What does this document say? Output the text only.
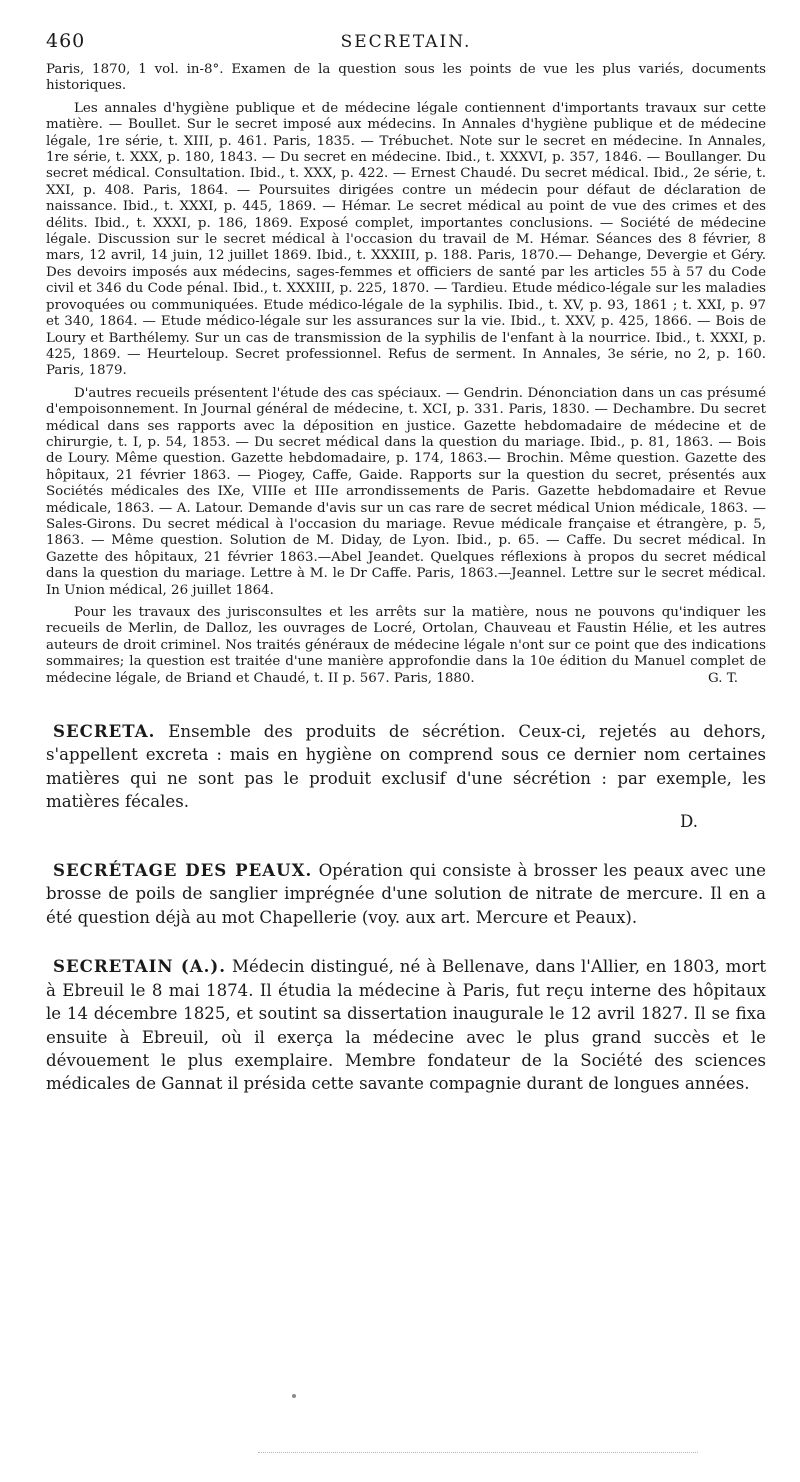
460	SECRETAIN.

Paris, 1870, 1 vol. in-8°. Examen de la question sous les points de vue les plus variés, documents historiques.

Les annales d'hygiène publique et de médecine légale contiennent d'importants travaux sur cette matière. — Boullet. Sur le secret imposé aux médecins. In Annales d'hygiène publique et de médecine légale, 1re série, t. XIII, p. 461. Paris, 1835. — Trébuchet. Note sur le secret en médecine. In Annales, 1re série, t. XXX, p. 180, 1843. — Du secret en médecine. Ibid., t. XXXVI, p. 357, 1846. — Boullanger. Du secret médical. Consultation. Ibid., t. XXX, p. 422. — Ernest Chaudé. Du secret médical. Ibid., 2e série, t. XXI, p. 408. Paris, 1864. — Poursuites dirigées contre un médecin pour défaut de déclaration de naissance. Ibid., t. XXXI, p. 445, 1869. — Hémar. Le secret médical au point de vue des crimes et des délits. Ibid., t. XXXI, p. 186, 1869. Exposé complet, importantes conclusions. — Société de médecine légale. Discussion sur le secret médical à l'occasion du travail de M. Hémar. Séances des 8 février, 8 mars, 12 avril, 14 juin, 12 juillet 1869. Ibid., t. XXXIII, p. 188. Paris, 1870.— Dehange, Devergie et Géry. Des devoirs imposés aux médecins, sages-femmes et officiers de santé par les articles 55 à 57 du Code civil et 346 du Code pénal. Ibid., t. XXXIII, p. 225, 1870. — Tardieu. Etude médico-légale sur les maladies provoquées ou communiquées. Etude médico-légale de la syphilis. Ibid., t. XV, p. 93, 1861 ; t. XXI, p. 97 et 340, 1864. — Etude médico-légale sur les assurances sur la vie. Ibid., t. XXV, p. 425, 1866. — Bois de Loury et Barthélemy. Sur un cas de transmission de la syphilis de l'enfant à la nourrice. Ibid., t. XXXI, p. 425, 1869. — Heurteloup. Secret professionnel. Refus de serment. In Annales, 3e série, no 2, p. 160. Paris, 1879.

D'autres recueils présentent l'étude des cas spéciaux. — Gendrin. Dénonciation dans un cas présumé d'empoisonnement. In Journal général de médecine, t. XCI, p. 331. Paris, 1830. — Dechambre. Du secret médical dans ses rapports avec la déposition en justice. Gazette hebdomadaire de médecine et de chirurgie, t. I, p. 54, 1853. — Du secret médical dans la question du mariage. Ibid., p. 81, 1863. — Bois de Loury. Même question. Gazette hebdomadaire, p. 174, 1863.— Brochin. Même question. Gazette des hôpitaux, 21 février 1863. — Piogey, Caffe, Gaide. Rapports sur la question du secret, présentés aux Sociétés médicales des IXe, VIIIe et IIIe arrondissements de Paris. Gazette hebdomadaire et Revue médicale, 1863. — A. Latour. Demande d'avis sur un cas rare de secret médical Union médicale, 1863. — Sales-Girons. Du secret médical à l'occasion du mariage. Revue médicale française et étrangère, p. 5, 1863. — Même question. Solution de M. Diday, de Lyon. Ibid., p. 65. — Caffe. Du secret médical. In Gazette des hôpitaux, 21 février 1863.—Abel Jeandet. Quelques réflexions à propos du secret médical dans la question du mariage. Lettre à M. le Dr Caffe. Paris, 1863.—Jeannel. Lettre sur le secret médical. In Union médical, 26 juillet 1864.

Pour les travaux des jurisconsultes et les arrêts sur la matière, nous ne pouvons qu'indiquer les recueils de Merlin, de Dalloz, les ouvrages de Locré, Ortolan, Chauveau et Faustin Hélie, et les autres auteurs de droit criminel. Nos traités généraux de médecine légale n'ont sur ce point que des indications sommaires; la question est traitée d'une manière approfondie dans la 10e édition du Manuel complet de médecine légale, de Briand et Chaudé, t. II p. 567. Paris, 1880.	G. T.
SECRETA. Ensemble des produits de sécrétion. Ceux-ci, rejetés au dehors, s'appellent excreta : mais en hygiène on comprend sous ce dernier nom certaines matières qui ne sont pas le produit exclusif d'une sécrétion : par exemple, les matières fécales.
D.
SECRÉTAGE DES PEAUX. Opération qui consiste à brosser les peaux avec une brosse de poils de sanglier imprégnée d'une solution de nitrate de mercure. Il en a été question déjà au mot Chapellerie (voy. aux art. Mercure et Peaux).
SECRETAIN (A.). Médecin distingué, né à Bellenave, dans l'Allier, en 1803, mort à Ebreuil le 8 mai 1874. Il étudia la médecine à Paris, fut reçu interne des hôpitaux le 14 décembre 1825, et soutint sa dissertation inaugurale le 12 avril 1827. Il se fixa ensuite à Ebreuil, où il exerça la médecine avec le plus grand succès et le dévouement le plus exemplaire. Membre fondateur de la Société des sciences médicales de Gannat il présida cette savante compagnie durant de longues années.
